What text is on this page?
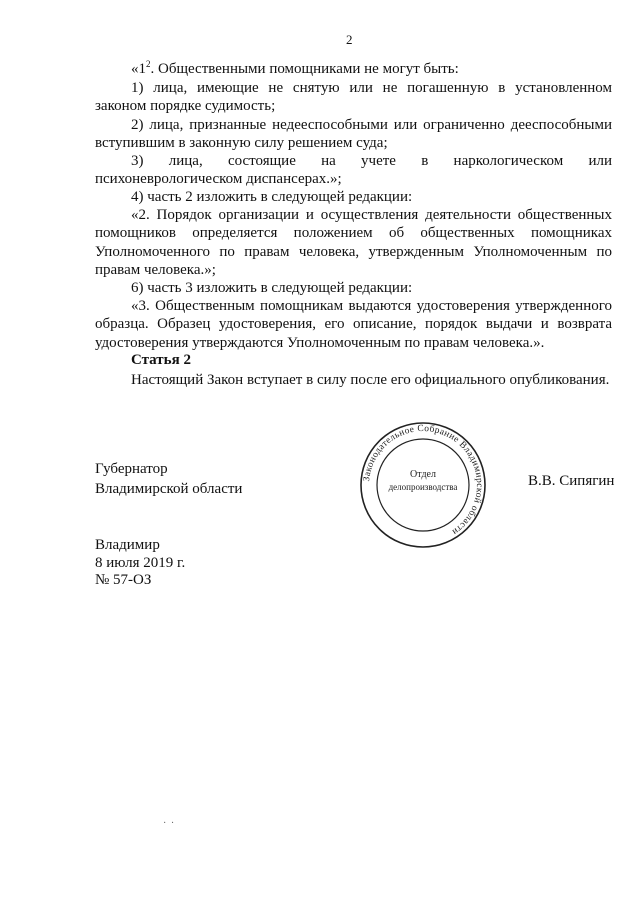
2

«$1^2$. Общественными помощниками не могут быть:

1) лица, имеющие не снятую или не погашенную в установленном законом порядке судимость;

2) лица, признанные недееспособными или ограниченно дееспособными вступившим в законную силу решением суда;

3) лица, состоящие на учете в наркологическом или психоневрологическом диспансерах.»;

4) часть 2 изложить в следующей редакции:

«2. Порядок организации и осуществления деятельности общественных помощников определяется положением об общественных помощниках Уполномоченного по правам человека, утвержденным Уполномоченным по правам человека.»;

6) часть 3 изложить в следующей редакции:

«3. Общественным помощникам выдаются удостоверения утвержденного образца. Образец удостоверения, его описание, порядок выдачи и возврата удостоверения утверждаются Уполномоченным по правам человека.».

Статья 2

Настоящий Закон вступает в силу после его официального опубликования.

Губернатор
Владимирской области
Законодательное Собрание Владимирской области
Отдел
делопроизводства	В.В. Сипягин
Владимир
8 июля 2019 г.
№ 57-ОЗ
· ·
